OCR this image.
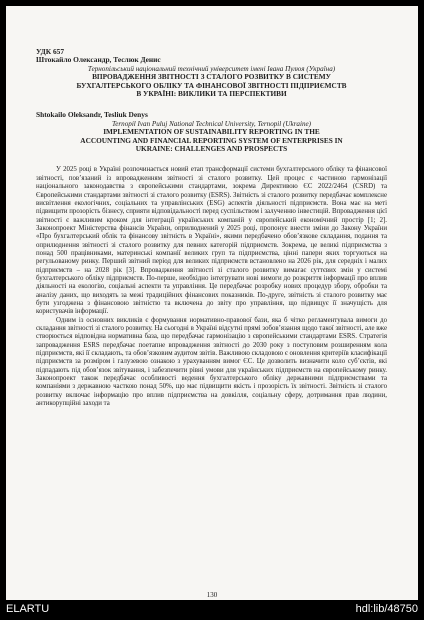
УДК 657
Штокайло Олександр, Теслюк Денис
Тернопільський національний технічний університет імені Івана Пулюя (Україна)
ВПРОВАДЖЕННЯ ЗВІТНОСТІ З СТАЛОГО РОЗВИТКУ В СИСТЕМУ
БУХГАЛТЕРСЬКОГО ОБЛІКУ ТА ФІНАНСОВОЇ ЗВІТНОСТІ ПІДПРИЄМСТВ
В УКРАЇНІ: ВИКЛИКИ ТА ПЕРСПЕКТИВИ
Shtokailo Oleksandr, Tesliuk Denys
Ternopil Ivan Puluj National Technical University, Ternopil (Ukraine)
IMPLEMENTATION OF SUSTAINABILITY REPORTING IN THE
ACCOUNTING AND FINANCIAL REPORTING SYSTEM OF ENTERPRISES IN
UKRAINE: CHALLENGES AND PROSPECTS

У 2025 році в Україні розпочинається новий етап трансформації системи бухгалтерського обліку та фінансової звітності, пов’язаний із впровадженням звітності зі сталого розвитку. Цей процес є частиною гармонізації національного законодавства з європейськими стандартами, зокрема Директивою ЄС 2022/2464 (CSRD) та Європейськими стандартами звітності зі сталого розвитку (ESRS). Звітність зі сталого розвитку передбачає комплексне висвітлення екологічних, соціальних та управлінських (ESG) аспектів діяльності підприємств. Вона має на меті підвищити прозорість бізнесу, сприяти відповідальності перед суспільством і залученню інвестицій. Впровадження цієї звітності є важливим кроком для інтеграції українських компаній у європейський економічний простір [1; 2]. Законопроект Міністерства фінансів України, оприлюднений у 2025 році, пропонує внести зміни до Закону України «Про бухгалтерський облік та фінансову звітність в Україні», якими передбачено обов’язкове складання, подання та оприлюднення звітності зі сталого розвитку для певних категорій підприємств. Зокрема, це великі підприємства з понад 500 працівниками, материнські компанії великих груп та підприємства, цінні папери яких торгуються на регульованому ринку. Перший звітний період для великих підприємств встановлено на 2026 рік, для середніх і малих підприємств – на 2028 рік [3]. Впровадження звітності зі сталого розвитку вимагає суттєвих змін у системі бухгалтерського обліку підприємств. По-перше, необхідно інтегрувати нові вимоги до розкриття інформації про вплив діяльності на екологію, соціальні аспекти та управління. Це передбачає розробку нових процедур збору, обробки та аналізу даних, що виходять за межі традиційних фінансових показників. По-друге, звітність зі сталого розвитку має бути узгоджена з фінансовою звітністю та включена до звіту про управління, що підвищує її значущість для користувачів інформації.

Одним із основних викликів є формування нормативно-правової бази, яка б чітко регламентувала вимоги до складання звітності зі сталого розвитку. На сьогодні в Україні відсутні прямі зобов’язання щодо такої звітності, але вже створюється відповідна нормативна база, що передбачає гармонізацію з європейськими стандартами ESRS. Стратегія запровадження ESRS передбачає поетапне впровадження звітності до 2030 року з поступовим розширенням кола підприємств, які її складають, та обов’язковим аудитом звітів. Важливою складовою є оновлення критеріїв класифікації підприємств за розміром і галузевою ознакою з урахуванням вимог ЄС. Це дозволить визначити коло суб’єктів, які підпадають під обов’язок звітування, і забезпечити рівні умови для українських підприємств на європейському ринку. Законопроект також передбачає особливості ведення бухгалтерського обліку державними підприємствами та компаніями з державною часткою понад 50%, що має підвищити якість і прозорість їх звітності. Звітність зі сталого розвитку включає інформацію про вплив підприємства на довкілля, соціальну сферу, дотримання прав людини, антикорупційні заходи та

130
ELARTU	hdl:lib/48750
